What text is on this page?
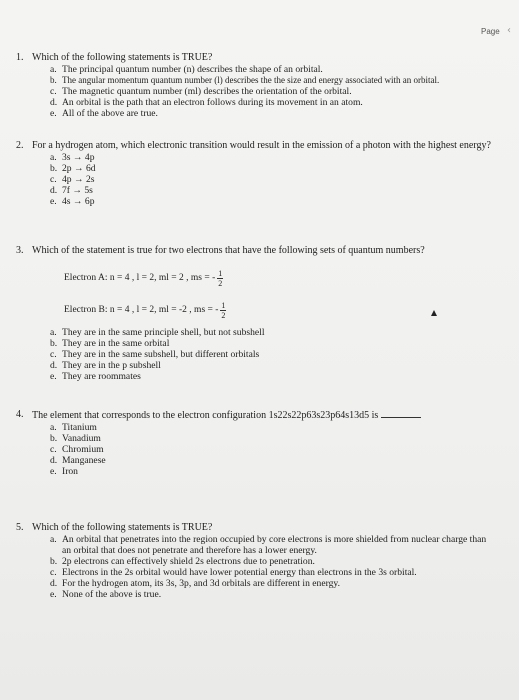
Page ‹
1. Which of the following statements is TRUE?
a. The principal quantum number (n) describes the shape of an orbital.
b. The angular momentum quantum number (l) describes the the size and energy associated with an orbital.
c. The magnetic quantum number (ml) describes the orientation of the orbital.
d. An orbital is the path that an electron follows during its movement in an atom.
e. All of the above are true.
2. For a hydrogen atom, which electronic transition would result in the emission of a photon with the highest energy?
a. 3s → 4p
b. 2p → 6d
c. 4p → 2s
d. 7f → 5s
e. 4s → 6p
3. Which of the statement is true for two electrons that have the following sets of quantum numbers?
Electron A: n = 4 , l = 2, ml = 2 , ms = - $\frac{1}{2}$
Electron B: n = 4 , l = 2, ml = -2 , ms = - $\frac{1}{2}$
a. They are in the same principle shell, but not subshell
b. They are in the same orbital
c. They are in the same subshell, but different orbitals
d. They are in the p subshell
e. They are roommates
4. The element that corresponds to the electron configuration 1s22s22p63s23p64s13d5 is
a. Titanium
b. Vanadium
c. Chromium
d. Manganese
e. Iron
5. Which of the following statements is TRUE?
a. An orbital that penetrates into the region occupied by core electrons is more shielded from nuclear charge than an orbital that does not penetrate and therefore has a lower energy.
b. 2p electrons can effectively shield 2s electrons due to penetration.
c. Electrons in the 2s orbital would have lower potential energy than electrons in the 3s orbital.
d. For the hydrogen atom, its 3s, 3p, and 3d orbitals are different in energy.
e. None of the above is true.
